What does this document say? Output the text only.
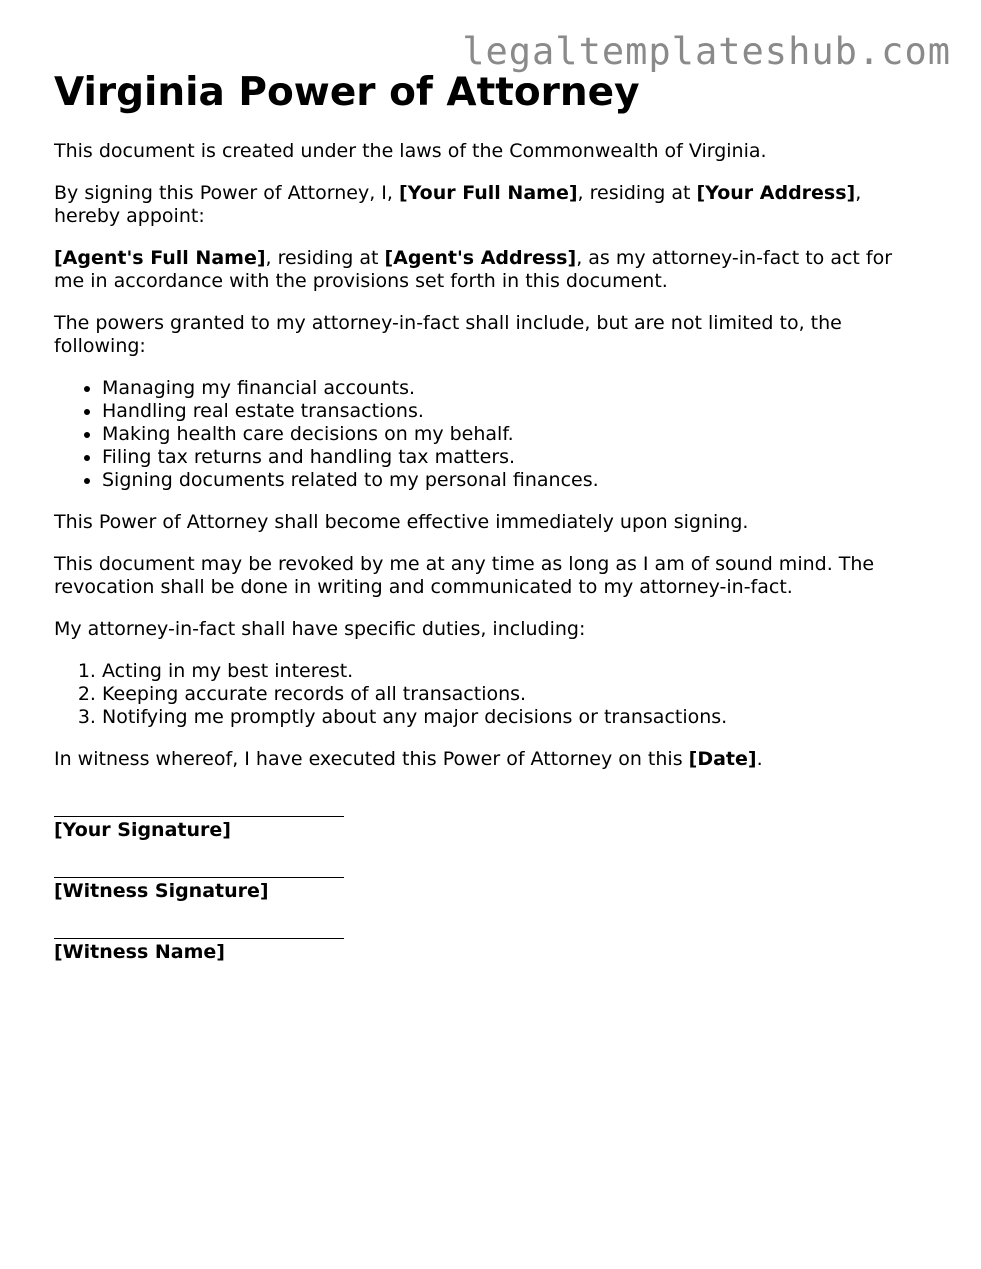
legaltemplateshub.com
Virginia Power of Attorney

This document is created under the laws of the Commonwealth of Virginia.

By signing this Power of Attorney, I, [Your Full Name], residing at [Your Address], hereby appoint:

[Agent's Full Name], residing at [Agent's Address], as my attorney-in-fact to act for me in accordance with the provisions set forth in this document.

The powers granted to my attorney-in-fact shall include, but are not limited to, the following:

• Managing my financial accounts.
• Handling real estate transactions.
• Making health care decisions on my behalf.
• Filing tax returns and handling tax matters.
• Signing documents related to my personal finances.

This Power of Attorney shall become effective immediately upon signing.

This document may be revoked by me at any time as long as I am of sound mind. The revocation shall be done in writing and communicated to my attorney-in-fact.

My attorney-in-fact shall have specific duties, including:

1. Acting in my best interest.
2. Keeping accurate records of all transactions.
3. Notifying me promptly about any major decisions or transactions.

In witness whereof, I have executed this Power of Attorney on this [Date].

[Your Signature]
[Witness Signature]
[Witness Name]
